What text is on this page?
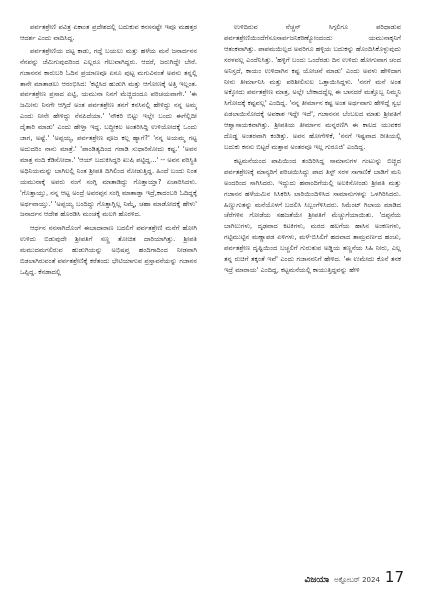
ಪರ್ವತಶ್ರೇಣಿ ಪವಿತ್ರ ಏಕಾಂತ ಪ್ರದೇಶದಲ್ಲಿ ಬದುಕುವ ಕನಸನಷ್ಟೇ ಇವೂ ಮಹತ್ತರ ಆದರ್ಶ ಎಂದು ವಾದಿಸಿದ್ದ.

ಪರ್ವತಶ್ರೇಣಿಯ ದಟ್ಟ ಕಾಡು, ಗದ್ದೆ ಬಯಲು ಮತ್ತು ಹಳೆಯ ಮನೆ ಜನಾರ್ದನನ ನೆನಪನ್ನು ಜೆಮಿಗುವುದರಿಂದ ಎಲ್ಲರೂ ಗೆಲುವಾಗಿದ್ದರು. ಆದರೆ, ಜರುಗಿದ್ದೇ ಬೇರೆ. ಗಜಾನನನ ಕಾರುಬರಿ ಓದಿನ ಪ್ರಯಾಣವೂ ಏನೂ ಪುಟ್ಟ ಮಗುವಿನಂತೆ ಅವನು ತನ್ನಲ್ಲಿ ತಾನೇ ಮಾತಾಡಲು ಆರಂಭಿಸಿದ: 'ಕಟ್ಟಿಸಿದ ಹುಡುಗಿ ಮತ್ತು ಆಗೋಣಕ್ಕೆ ಅತ್ತಿ ಇಲ್ಲಂತ. ಪರ್ವತಶ್ರೇಣ ಪ್ರಸಾದ ಏಟ್ಟಿ, ಯಮುನಾ ನಿನಗೆ ಮೆಚ್ಚಿದಂದೂ ಪರಿಚಯವಾಗೇ.' 'ಈ ಜಮೀನು ನಿನಗೇ ಆಗ್ಗಿದೆ ಅಂತ ಪರ್ವತಶ್ರೇಣ ತನಗೆ ಕನಸಿನಲ್ಲಿ ಹೇಳಿದ್ದು ನನ್ನ ಅಮ್ಮ ಎಂದು ನೀನೇ ಹೇಳಿದ್ದು ನೆನಪಿದೆಯಾ.' 'ನೌಕರಿ ಬಿಟ್ಟು ಇಲ್ಲೇ ಬಂದು ಈಗೆಲ್ಲಿದೀ ದೈತಾರಿ ಮಾಡು' ಎಂದು ಹೇಳ್ತಾ ಇದ್ದ. ಬದ್ಧೀಕಲ ಅಂತರಿಸಿದ್ದಿ ಉಳಿಯೋದಕ್ಕೆ ಒಂದು ಜಾಗ, ಅಷ್ಟೆ.' 'ಅಪ್ಪಯ್ಯ, ಪರ್ವತಶ್ರೇಣ ಪೂಜ ಕಲ್ಲ ಹ್ಯಾಗೆ?' 'ನನ್ನ ಅಯಮ್ಮ ಗಟ್ಟ ಅದುದರಿಂ ನಾನು ಮಾತ್ರೆ.' 'ಪಾಂಡಿತ್ಯದಿಂದ ಗರಾಡಿ ಸುಧಾರಿಸೋದು ಕಷ್ಟ.' 'ಅವನ ಮಾತ್ರ ನಂದಿ ಕೆಡಿಸೋದಾ.' 'ಆಯ್ ಬದುಕಿಸಿದ್ದರಿ ಖುಷಿ ಪಟ್ಟಿದ್ದ...' -- ಅವನ ಪರಿಸ್ಥಿತಿ ಅಧಿನಿಯಮನ್ನು ಬಾಗಿಲಲ್ಲಿ ನಿಂತ ಶ್ರೀಪತಿ ದಿಗಿಲಿಂದ ನೋಡುತ್ತಿದ್ದ. ಹಿಂದೆ ಬಂದು ನಿಂತ ಯಮುನಾಕ್ಕೆ ಅವರು ನಂಗೆ ಸಂಗ್ಗಿ ಮಾತಾಡಿದ್ದು ಗೊತ್ತಾಯ್ತಾ? ಏಚಾರಿಸಿದಳು. 'ಗೊತ್ತಾಯ್ತು, ನನ್ನ ಆಟ್ಟ ಅಂದ್ರೆ ಅವರಪ್ಪನ ಸಂಗ್ಗಿ ಮಾತಾಡ್ತಾ ಇದ್ರೆ,ಕಾದಂಬರಿ ಓದಿದ್ದಕ್ಕೆ ಅರ್ಥವಾಯ್ತು.' 'ಅಪ್ಪಯ್ಯ ಬಂದಿದ್ದು ಗೊತ್ತಾಗ್ಲಿಲ್ಲ ನಿಮ್ಮೆ, ಚಹಾ ಮಾಡೋದಕ್ಕೆ ಹೇಳು' ಜನಾರ್ದನ ಆದೇಶ ಹೊರಡಿಸಿ ಮಂಚಕ್ಕೆ ಮಲಗಿ ಹೊರಳಿದ.

ಆರ್ಧನ ನನಸಾಗಿದೊಂಗೆ ಈಬಾದಾರಾಣ ಬದಲಿಗೆ ಪರ್ವತಶ್ರೇಣಿ ಮನೆಗೆ ಹೋಗಿ ಉಳಿದು ಬಿಡುವುದೇ ಶ್ರೀಪತಿಗೆ ಸಣ್ಣ ತೋಚಿತ ದಾರಿಯಾಗಿತ್ತು. ಶ್ರೀಪತಿ ಮಮುದಮಗಲಿರುವ ಹುಡುಗಿಯನ್ನು ಅಭಿಷಪ್ತ ಹಂದಿಗಾದಿಂದ ನೀಡವಾಗಿ ಬಿಡಲಾಗಿರುವಂತೆ ಪರ್ವತಶ್ರೇಣಿಕ್ಕೆ ಕರೆತಂದು ಭೇಟಿಯಾಗುವ ಪ್ರಸ್ತಾವನೆಯನ್ನು ಗಜಾನನ ಒಪ್ಪಿದ್ದ. ಕೆನಡಾದಲ್ಲಿ

ಉಳಿದಿರುವ ನೆಚ್ಚನ್ ಸಿಗ್ಗಲಿಗೂ ಪರಿಧಾಡುವ ಪರ್ವತಶ್ರೇಣಿಯಿಂದೆಗೆಸೂಸಾರ್ವಜನಿಕರಿಣ್ಯೋಂದಂದು ಯಮುನಾಕ್ಕನಿಗೆ ಆತಂಕವಾಗಿತ್ತು. ಪಾಪಮಯಿಲ್ಲದ ಅವರಿಗೂ ಹಳ್ಳಿಯ ಬದುಕನ್ನು ಹೊಂದಿಸಿಕೊಳ್ಳುವುದು ಸರಳವಲ್ಲ ಎಂದೆನಿಸಿತ್ತು. 'ಹಳ್ಳಿಗೆ ಬಂದು ಒಂದೆರಡು ದಿನ ಉಳಿದು ಹೋಗುವಾಗ ಚಂದ ಅನಿಸ್ತದೆ, ಕಾಯಂ ಉಳಿದಾಗಿನ ಕಷ್ಟ ಯೋಚನೆ ಮಾಡು' ಎಂದು ಅವಳು ಹೇಳಿದಾಗ ನೀನು ತೀರ್ಮಾನಿಸಿ ಮತ್ತು ಪರಿಶೀಲಿಸುಲ ಒತ್ತಾಯಿಸಿದ್ದಳು. 'ನನಗೆ ಮನೆ ಅಂತ ಅಕ್ಕೋದು ಪರ್ವತಶ್ರೇಣ ಮಾತ್ರ, ಅಲ್ಲೇ ಬೇಕಾದದ್ದೆಲ್ಲ ಈ ಬಾನದರೆ ಮತ್ತೊಬ್ಬ ನಿಮ್ಮನಿ ಸಿಗೋದಕ್ಕೆ ಕಷ್ಟವಲ್ಲ' ಎಂದಿದ್ದ. 'ನನ್ನ ತೀರ್ಮಾನ ಕಷ್ಟ ಅಂತ ಅರ್ಥವಾಗು ಹೇಳಿದ್ದೆ ಸ್ವಭ ಏಡಲಾಯಿಸೋದಕ್ಕೆ ಅವಕಾಶ ಇದ್ದೇ ಇದೆ', ಗಜಾನನನ ಬೆಂಬಲದ ಮಾತು ಶ್ರೀಪತಿಗೆ ಆಶ್ವಾಸಾಯಕವಾಗಿತ್ತು. ಶ್ರೀಪತಿಯ ತೀರ್ಮಾನ ಮನ್ನರಣಿಗಿ ಈ ಕಾಲದ ಯುವಕರ ದೊಡ್ಡ ಅಂತರವಾಗಿ ಕಂಡಿತ್ತು. ಅವನ ಹೋಗೇಳಿಕೆ, 'ನನಗೆ ಇಷ್ಟವಾದ ರೀತಿಯಲ್ಲಿ ಬದುಕು ಕನಸು ಬಿಟ್ಟರೆ ಮತ್ತಾವ ಅಂತರವೂ ಇಲ್ಲ ಗುರೂಜಿ' ಎಂದಿದ್ದ.

ಕಟ್ಟಮನೆಯಂದ ಪಾಪಿಯಿಂದ ತಂದಿರಿಸಿದ್ದ ಸಾಮಾನುಗಳ ಗಂಟುನ್ನು ಬಿಚ್ಚಿದ ಪರ್ವತಶ್ರೇಣಕ್ಕೆ ಮಾನ್ಯರಿಗೆ ಪರಿಚಯಿಸಿದ್ದು ಪಾದ ತಿಸ್ಟ್ ಸರಳ ಸಾಗಾಣಿಕೆ ಬಾಡಿಗೆ ಮನಿ ಅಂದರಿಂದ ಸಾಗಿಸಿದರು. ಇದ್ದುದು ಹವಾಂದಿಗೆಯಲ್ಲಿ ಅಲಕಿಸೋಂಡು ಶ್ರೀಪತಿ ಮತ್ತು ಗಜಾನನ ಹಳೆಯಮಿನ ಸಿಸಿಕರಿಸಿ ಲಾರಿಯಿಂದಿಳಿಸಿದ ಸಾಮಾನುಗಳನ್ನು ಒಳಗಿರಿಸಿದರು. ಹಿಣ್ಣುಗುತನ್ನು ಮನೆಯೊಳಗೆ ಬದಲಿಸಿ ಸಿಬ್ಬಂಗೆಳಿಸಿದರು. ಸಿಮೆಂಟ್ ಗಿಲಾಯ ಮಾಡಿದ ಚೆರೆಗಳಿನ ಗೋಡೆಯ ಸಹಜತೆಯೇ ಶ್ರೀಪತಿಗೆ ಮೆಚ್ಚುಗೆಯಾಯಿತು. 'ದಪ್ಪನೆಯ ಬಾಗಿಲುಗಳು, ದೃಢವಾದ ಕಿಟಕಿಗಳು, ಮರದ ಹಲಗೆಯ ಹಾಸಿನ ಅಂಕಣಗಳು, ಗಟ್ಟಿಮುಟ್ಟಿನ ಮಣ್ಣಾಪಡ ಏಳಿಗಳು, ಮಳೆ-ಬಿಸಿಲಿಗೆ ಹದವಾದ ತಾಮ್ರವರ್ಣದ ಹಂಚು, ಪರ್ವತಶ್ರೇಣ ದೃಷ್ಟಿಯಿಂದ ಬಚ್ಚಲಿಗೆ ಗುರುತುವ ಅಡ್ಡಿಯ ತಣ್ಣನೆಯ ಸಿಹಿ ನೀರು, ಎಲ್ಲ ತನ್ನ ರುಚಿಗೆ ತಕ್ಕಂತೆ ಇವೆ' ಎಂದು ಗಜಾನನನಿಗೆ ಹೇಳಿದ. 'ಈ ಉಮೇದು ಕೊನೆ ತನಕ ಇದ್ರೆ ಮಾರಾಯ' ಎಂದಿದ್ದ, ಕಟ್ಟಮನೆಯಲ್ಲಿ ಕಾಯುತ್ತಿದ್ದವನ್ನು ಹೇಳಿ

ವಿಜಯಾ ಅಕ್ಟೋಬರ್ 2024 17
